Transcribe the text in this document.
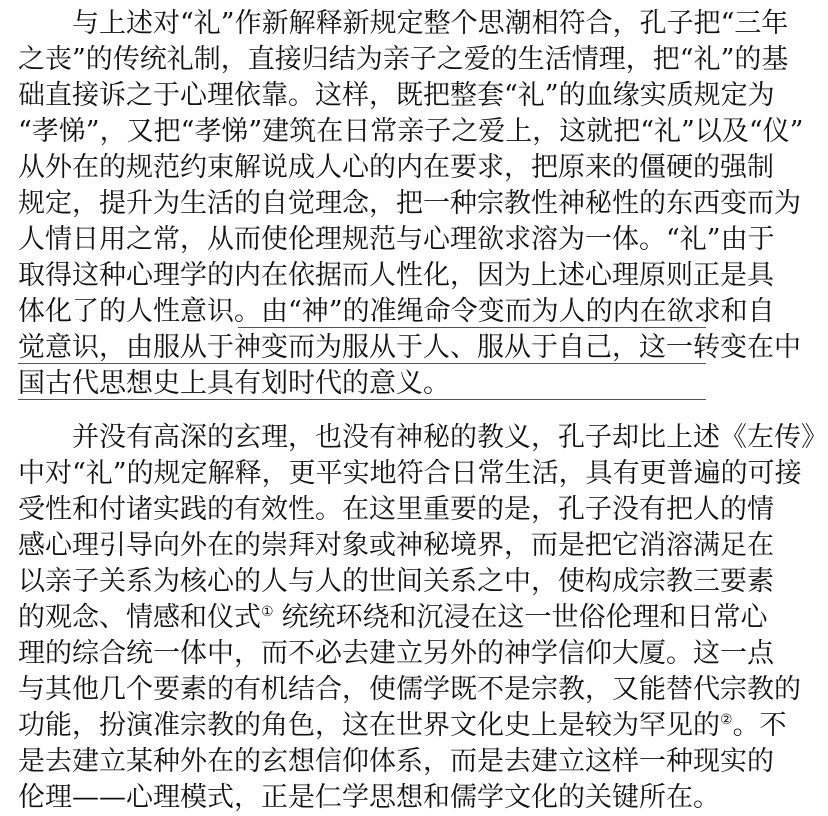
与上述对“礼”作新解释新规定整个思潮相符合，孔子把“三年
之丧”的传统礼制，直接归结为亲子之爱的生活情理，把“礼”的基
础直接诉之于心理依靠。这样，既把整套“礼”的血缘实质规定为
“孝悌”，又把“孝悌”建筑在日常亲子之爱上，这就把“礼”以及“仪”
从外在的规范约束解说成人心的内在要求，把原来的僵硬的强制
规定，提升为生活的自觉理念，把一种宗教性神秘性的东西变而为
人情日用之常，从而使伦理规范与心理欲求溶为一体。“礼”由于
取得这种心理学的内在依据而人性化，因为上述心理原则正是具
体化了的人性意识。由“神”的准绳命令变而为人的内在欲求和自
觉意识，由服从于神变而为服从于人、服从于自己，这一转变在中
国古代思想史上具有划时代的意义。
并没有高深的玄理，也没有神秘的教义，孔子却比上述《左传》
中对“礼”的规定解释，更平实地符合日常生活，具有更普遍的可接
受性和付诸实践的有效性。在这里重要的是，孔子没有把人的情
感心理引导向外在的崇拜对象或神秘境界，而是把它消溶满足在
以亲子关系为核心的人与人的世间关系之中，使构成宗教三要素
的观念、情感和仪式① 统统环绕和沉浸在这一世俗伦理和日常心
理的综合统一体中，而不必去建立另外的神学信仰大厦。这一点
与其他几个要素的有机结合，使儒学既不是宗教，又能替代宗教的
功能，扮演准宗教的角色，这在世界文化史上是较为罕见的②。不
是去建立某种外在的玄想信仰体系，而是去建立这样一种现实的
伦理——心理模式，正是仁学思想和儒学文化的关键所在。
